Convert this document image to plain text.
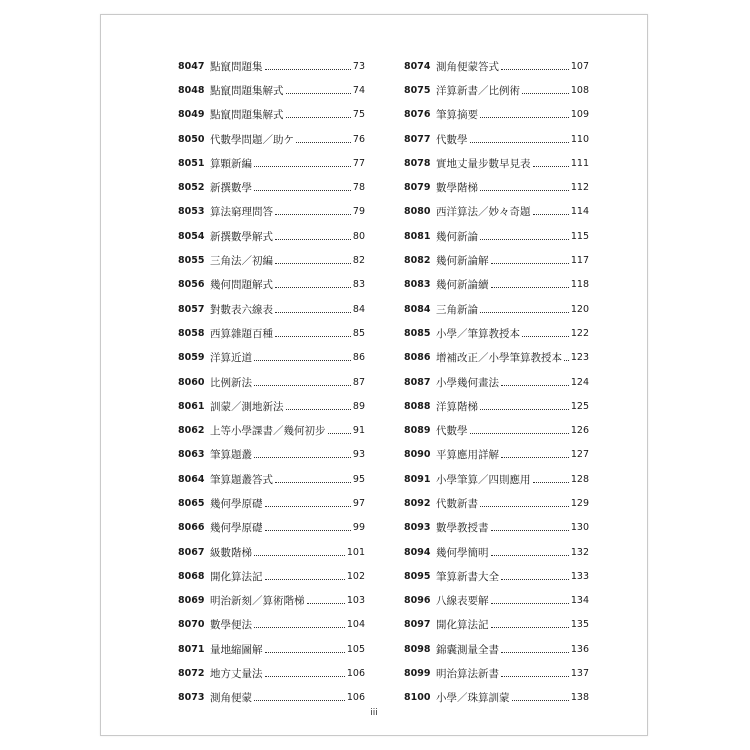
8047 點竄問題集	73
8048 點竄問題集解式	74
8049 點竄問題集解式	75
8050 代數學問題／助ケ	76
8051 算顆新編	77
8052 新撰數學	78
8053 算法窮理問答	79
8054 新撰數學解式	80
8055 三角法／初編	82
8056 幾何問題解式	83
8057 對數表六線表	84
8058 西算雜題百種	85
8059 洋算近道	86
8060 比例新法	87
8061 訓蒙／測地新法	89
8062 上等小學課書／幾何初步	91
8063 筆算題叢	93
8064 筆算題叢答式	95
8065 幾何學原礎	97
8066 幾何學原礎	99
8067 級數階梯	101
8068 開化算法記	102
8069 明治新刻／算術階梯	103
8070 數學便法	104
8071 量地縮圖解	105
8072 地方丈量法	106
8073 測角便蒙	106
8074 測角便蒙答式	107
8075 洋算新書／比例術	108
8076 筆算摘要	109
8077 代數學	110
8078 實地丈量步數早見表	111
8079 數學階梯	112
8080 西洋算法／妙々奇題	114
8081 幾何新論	115
8082 幾何新論解	117
8083 幾何新論續	118
8084 三角新論	120
8085 小學／筆算教授本	122
8086 增補改正／小學筆算教授本 123
8087 小學幾何畫法	124
8088 洋算階梯	125
8089 代數學	126
8090 平算應用詳解	127
8091 小學筆算／四則應用	128
8092 代數新書	129
8093 數學教授書	130
8094 幾何學簡明	132
8095 筆算新書大全	133
8096 八線表要解	134
8097 開化算法記	135
8098 錦囊測量全書	136
8099 明治算法新書	137
8100 小學／珠算訓蒙	138
iii
